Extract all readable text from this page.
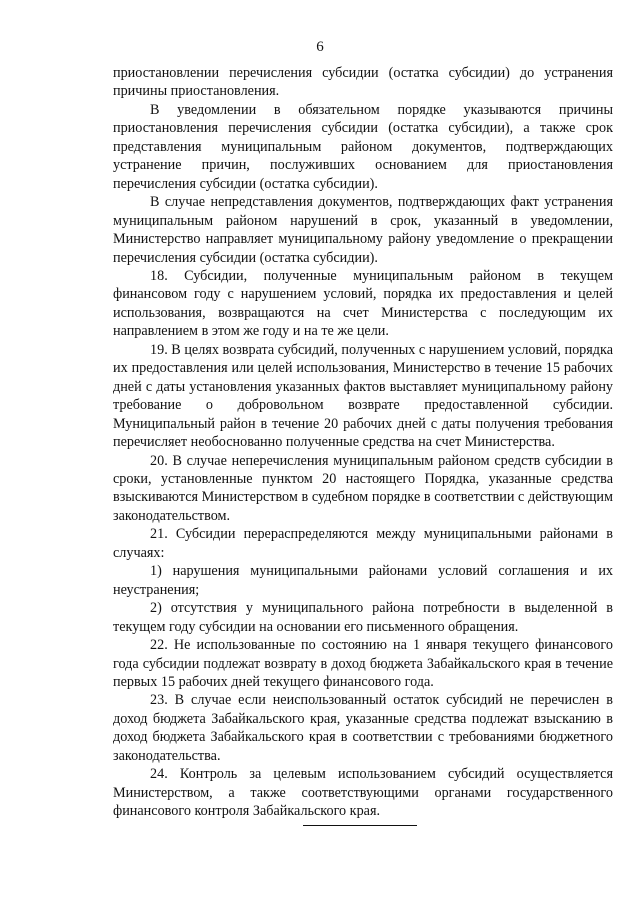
6

приостановлении перечисления субсидии (остатка субсидии) до устранения причины приостановления.

В уведомлении в обязательном порядке указываются причины приостановления перечисления субсидии (остатка субсидии), а также срок представления муниципальным районом документов, подтверждающих устранение причин, послуживших основанием для приостановления перечисления субсидии (остатка субсидии).

В случае непредставления документов, подтверждающих факт устранения муниципальным районом нарушений в срок, указанный в уведомлении, Министерство направляет муниципальному району уведомление о прекращении перечисления субсидии (остатка субсидии).

18. Субсидии, полученные муниципальным районом в текущем финансовом году с нарушением условий, порядка их предоставления и целей использования, возвращаются на счет Министерства с последующим их направлением в этом же году и на те же цели.

19. В целях возврата субсидий, полученных с нарушением условий, порядка их предоставления или целей использования, Министерство в течение 15 рабочих дней с даты установления указанных фактов выставляет муниципальному району требование о добровольном возврате предоставленной субсидии. Муниципальный район в течение 20 рабочих дней с даты получения требования перечисляет необоснованно полученные средства на счет Министерства.

20. В случае неперечисления муниципальным районом средств субсидии в сроки, установленные пунктом 20 настоящего Порядка, указанные средства взыскиваются Министерством в судебном порядке в соответствии с действующим законодательством.

21. Субсидии перераспределяются между муниципальными районами в случаях:

1) нарушения муниципальными районами условий соглашения и их неустранения;

2) отсутствия у муниципального района потребности в выделенной в текущем году субсидии на основании его письменного обращения.

22. Не использованные по состоянию на 1 января текущего финансового года субсидии подлежат возврату в доход бюджета Забайкальского края в течение первых 15 рабочих дней текущего финансового года.

23. В случае если неиспользованный остаток субсидий не перечислен в доход бюджета Забайкальского края, указанные средства подлежат взысканию в доход бюджета Забайкальского края в соответствии с требованиями бюджетного законодательства.

24. Контроль за целевым использованием субсидий осуществляется Министерством, а также соответствующими органами государственного финансового контроля Забайкальского края.
